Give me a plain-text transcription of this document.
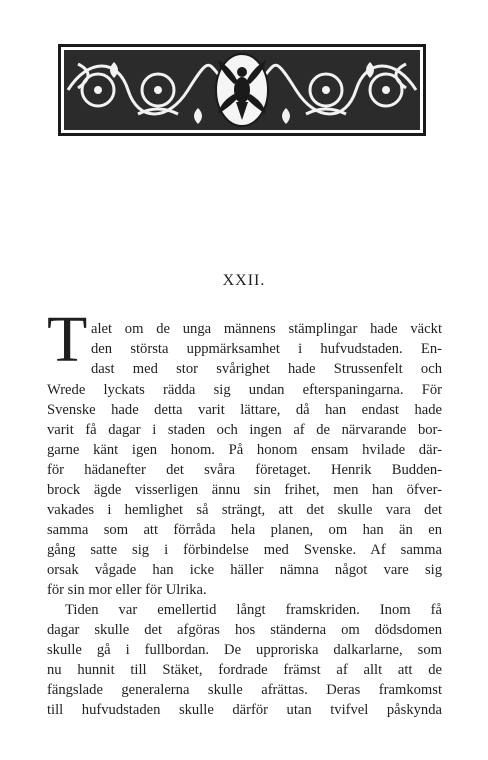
XXII.
T alet om de unga männens stämplingar hade väckt
den största uppmärksamhet i hufvudstaden. En-
dast med stor svårighet hade Strussenfelt och
Wrede lyckats rädda sig undan efterspaningarna. För
Svenske hade detta varit lättare, då han endast hade
varit få dagar i staden och ingen af de närvarande bor-
garne känt igen honom. På honom ensam hvilade där-
för hädanefter det svåra företaget. Henrik Budden-
brock ägde visserligen ännu sin frihet, men han öfver-
vakades i hemlighet så strängt, att det skulle vara det
samma som att förråda hela planen, om han än en
gång satte sig i förbindelse med Svenske. Af samma
orsak vågade han icke häller nämna något vare sig
för sin mor eller för Ulrika.
Tiden var emellertid långt framskriden. Inom få
dagar skulle det afgöras hos ständerna om dödsdomen
skulle gå i fullbordan. De upproriska dalkarlarne, som
nu hunnit till Stäket, fordrade främst af allt att de
fängslade generalerna skulle afrättas. Deras framkomst
till hufvudstaden skulle därför utan tvifvel påskynda
